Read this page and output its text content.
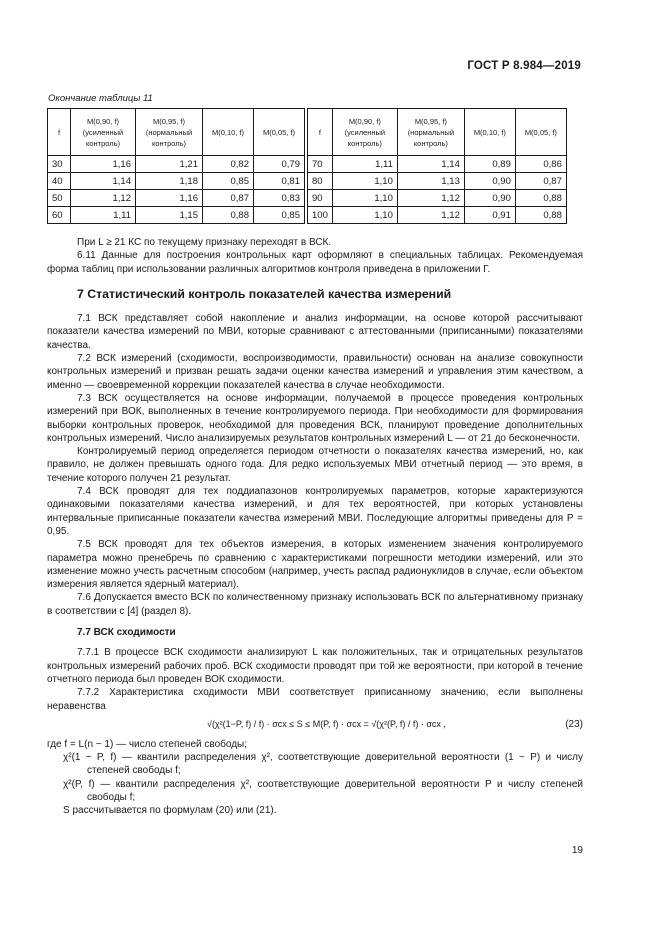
ГОСТ Р 8.984—2019
Окончание таблицы 11
f	M(0,90, f) (усиленный контроль)	M(0,95, f) (нормальный контроль)	M(0,10, f)	M(0,05, f)		f	M(0,90, f) (усиленный контроль)	M(0,95, f) (нормальный контроль)	M(0,10, f)	M(0,05, f)
30	1,16	1,21	0,82	0,79		70	1,11	1,14	0,89	0,86
40	1,14	1,18	0,85	0,81		80	1,10	1,13	0,90	0,87
50	1,12	1,16	0,87	0,83		90	1,10	1,12	0,90	0,88
60	1,11	1,15	0,88	0,85		100	1,10	1,12	0,91	0,88

При L ≥ 21 КС по текущему признаку переходят в ВСК.

6.11 Данные для построения контрольных карт оформляют в специальных таблицах. Рекомендуемая форма таблиц при использовании различных алгоритмов контроля приведена в приложении Г.

7 Статистический контроль показателей качества измерений

7.1 ВСК представляет собой накопление и анализ информации, на основе которой рассчитывают показатели качества измерений по МВИ, которые сравнивают с аттестованными (приписанными) показателями качества.

7.2 ВСК измерений (сходимости, воспроизводимости, правильности) основан на анализе совокупности контрольных измерений и призван решать задачи оценки качества измерений и управления этим качеством, а именно — своевременной коррекции показателей качества в случае необходимости.

7.3 ВСК осуществляется на основе информации, получаемой в процессе проведения контрольных измерений при ВОК, выполненных в течение контролируемого периода. При необходимости для формирования выборки контрольных проверок, необходимой для проведения ВСК, планируют проведение дополнительных контрольных измерений. Число анализируемых результатов контрольных измерений L — от 21 до бесконечности.

Контролируемый период определяется периодом отчетности о показателях качества измерений, но, как правило, не должен превышать одного года. Для редко используемых МВИ отчетный период — это время, в течение которого получен 21 результат.

7.4 ВСК проводят для тех поддиапазонов контролируемых параметров, которые характеризуются одинаковыми показателями качества измерений, и для тех вероятностей, при которых установлены интервальные приписанные показатели качества измерений МВИ. Последующие алгоритмы приведены для P = 0,95.

7.5 ВСК проводят для тех объектов измерения, в которых изменением значения контролируемого параметра можно пренебречь по сравнению с характеристиками погрешности методики измерений, или это изменение можно учесть расчетным способом (например, учесть распад радионуклидов в случае, если объектом измерения является ядерный материал).

7.6 Допускается вместо ВСК по количественному признаку использовать ВСК по альтернативному признаку в соответствии с [4] (раздел 8).

7.7 ВСК сходимости

7.7.1 В процессе ВСК сходимости анализируют L как положительных, так и отрицательных результатов контрольных измерений рабочих проб. ВСК сходимости проводят при той же вероятности, при которой в течение отчетного периода был проведен ВОК сходимости.

7.7.2 Характеристика сходимости МВИ соответствует приписанному значению, если выполнены неравенства

√(χ²(1−P, f) / f) · σсх ≤ S ≤ M(P, f) · σсх = √(χ²(P, f) / f) · σсх ,	(23)

где f = L(n − 1) — число степеней свободы;

χ²(1 − P, f) — квантили распределения χ², соответствующие доверительной вероятности (1 − P) и числу степеней свободы f;

χ²(P, f) — квантили распределения χ², соответствующие доверительной вероятности P и числу степеней свободы f;

S рассчитывается по формулам (20) или (21).

19
